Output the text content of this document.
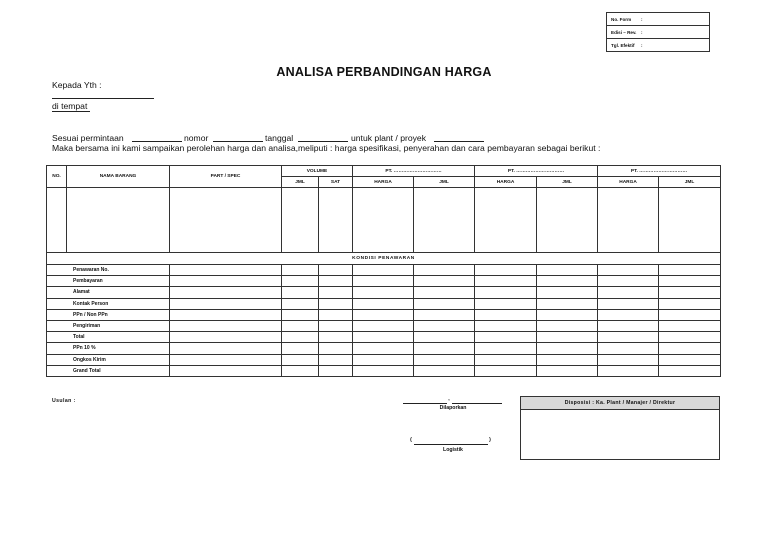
No. Form :
Edisi – Rev. :
Tgl. Efektif :
ANALISA PERBANDINGAN HARGA
Kepada Yth :
di tempat
Sesuai permintaan	nomor	tanggal	untuk plant / proyek
Maka bersama ini kami sampaikan perolehan harga dan analisa,meliputi : harga spesifikasi, penyerahan dan cara pembayaran sebagai berikut :
NO.	NAMA BARANG	PART / SPEC	VOLUME		PT. …………………………		PT. …………………………		PT. …………………………	
			JML	SAT	HARGA	JML	HARGA	JML	HARGA	JML

KONDISI PENAWARAN										
Penawaran No.										
Pembayaran										
Alamat										
Kontak Person										
PPn / Non PPn										
Pengiriman										
Total										
PPn 10 %										
Ongkos Kirim										
Grand Total										
Usulan :	,
Dilaporkan
(	)
Logistik
Disposisi : Ka. Plant / Manajer / Direktur
